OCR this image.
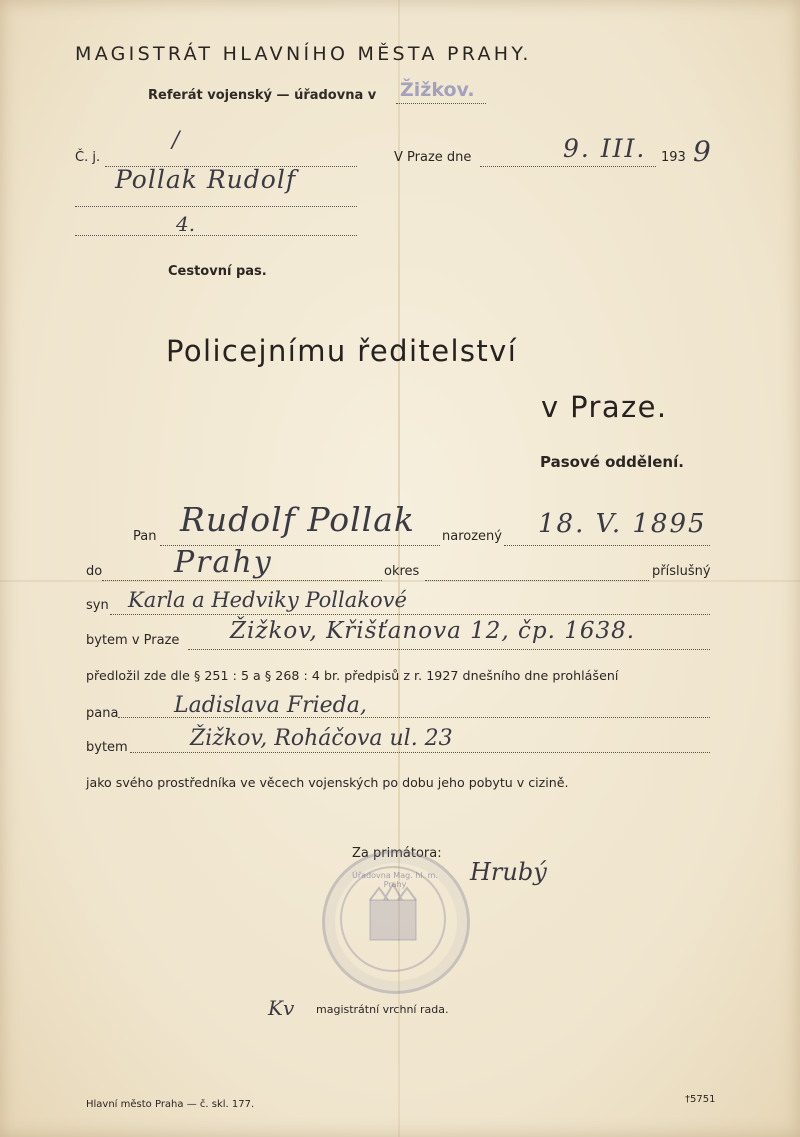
MAGISTRÁT HLAVNÍHO MĚSTA PRAHY.
Referát vojenský — úřadovna v Žižkov.
Č. j.
/
V Praze dne	9. III. 193 9
Pollak Rudolf
4.
Cestovní pas.
Policejnímu ředitelství
v Praze.
Pasové oddělení.
Pan Rudolf Pollak narozený 18. V. 1895
do Prahy	okres	příslušný
syn Karla a Hedviky Pollakové
bytem v Praze Žižkov, Křišťanova 12, čp. 1638.
předložil zde dle § 251 : 5 a § 268 : 4 br. předpisů z r. 1927 dnešního dne prohlášení
pana	Ladislava Frieda,
bytem	Žižkov, Roháčova ul. 23
jako svého prostředníka ve věcech vojenských po dobu jeho pobytu v cizině.
Za primátora:
Hrubý
Úřadovna Mag. hl. m. Prahy
Kv magistrátní vrchní rada.
Hlavní město Praha — č. skl. 177.	†5751
